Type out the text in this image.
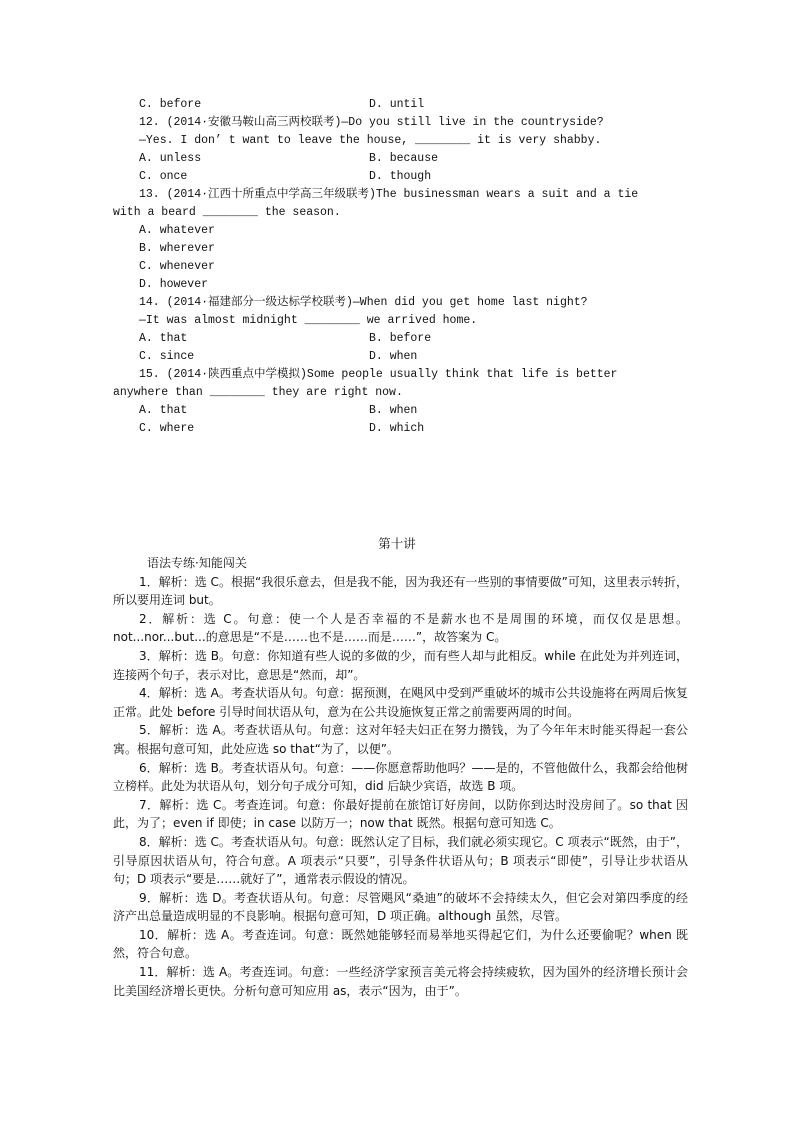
C. before	D. until
12. (2014·安徽马鞍山高三两校联考)—Do you still live in the countryside?
—Yes. I don’ t want to leave the house, ________ it is very shabby.
A. unless	B. because
C. once	D. though
13. (2014·江西十所重点中学高三年级联考)The businessman wears a suit and a tie
with a beard ________ the season.
A. whatever
B. wherever
C. whenever
D. however
14. (2014·福建部分一级达标学校联考)—When did you get home last night?
—It was almost midnight ________ we arrived home.
A. that	B. before
C. since	D. when
15. (2014·陕西重点中学模拟)Some people usually think that life is better
anywhere than ________ they are right now.
A. that	B. when
C. where	D. which
第十讲
语法专练·知能闯关

1．解析：选 C。根据“我很乐意去，但是我不能，因为我还有一些别的事情要做”可知，这里表示转折，所以要用连词 but。

2．解析：选 C。句意：使一个人是否幸福的不是薪水也不是周围的环境，而仅仅是思想。not...nor...but...的意思是“不是……也不是……而是……”，故答案为 C。

3．解析：选 B。句意：你知道有些人说的多做的少，而有些人却与此相反。while 在此处为并列连词，连接两个句子，表示对比，意思是“然而，却”。

4．解析：选 A。考查状语从句。句意：据预测，在飓风中受到严重破坏的城市公共设施将在两周后恢复正常。此处 before 引导时间状语从句，意为在公共设施恢复正常之前需要两周的时间。

5．解析：选 A。考查状语从句。句意：这对年轻夫妇正在努力攒钱，为了今年年末时能买得起一套公寓。根据句意可知，此处应选 so that“为了，以便”。

6．解析：选 B。考查状语从句。句意：——你愿意帮助他吗？——是的，不管他做什么，我都会给他树立榜样。此处为状语从句，划分句子成分可知，did 后缺少宾语，故选 B 项。

7．解析：选 C。考查连词。句意：你最好提前在旅馆订好房间，以防你到达时没房间了。so that 因此，为了；even if 即使；in case 以防万一；now that 既然。根据句意可知选 C。

8．解析：选 C。考查状语从句。句意：既然认定了目标，我们就必须实现它。C 项表示“既然，由于”，引导原因状语从句，符合句意。A 项表示“只要”，引导条件状语从句；B 项表示“即使”，引导让步状语从句；D 项表示“要是……就好了”，通常表示假设的情况。

9．解析：选 D。考查状语从句。句意：尽管飓风“桑迪”的破坏不会持续太久，但它会对第四季度的经济产出总量造成明显的不良影响。根据句意可知，D 项正确。although 虽然，尽管。

10．解析：选 A。考查连词。句意：既然她能够轻而易举地买得起它们，为什么还要偷呢？when 既然，符合句意。

11．解析：选 A。考查连词。句意：一些经济学家预言美元将会持续疲软，因为国外的经济增长预计会比美国经济增长更快。分析句意可知应用 as，表示“因为，由于”。
